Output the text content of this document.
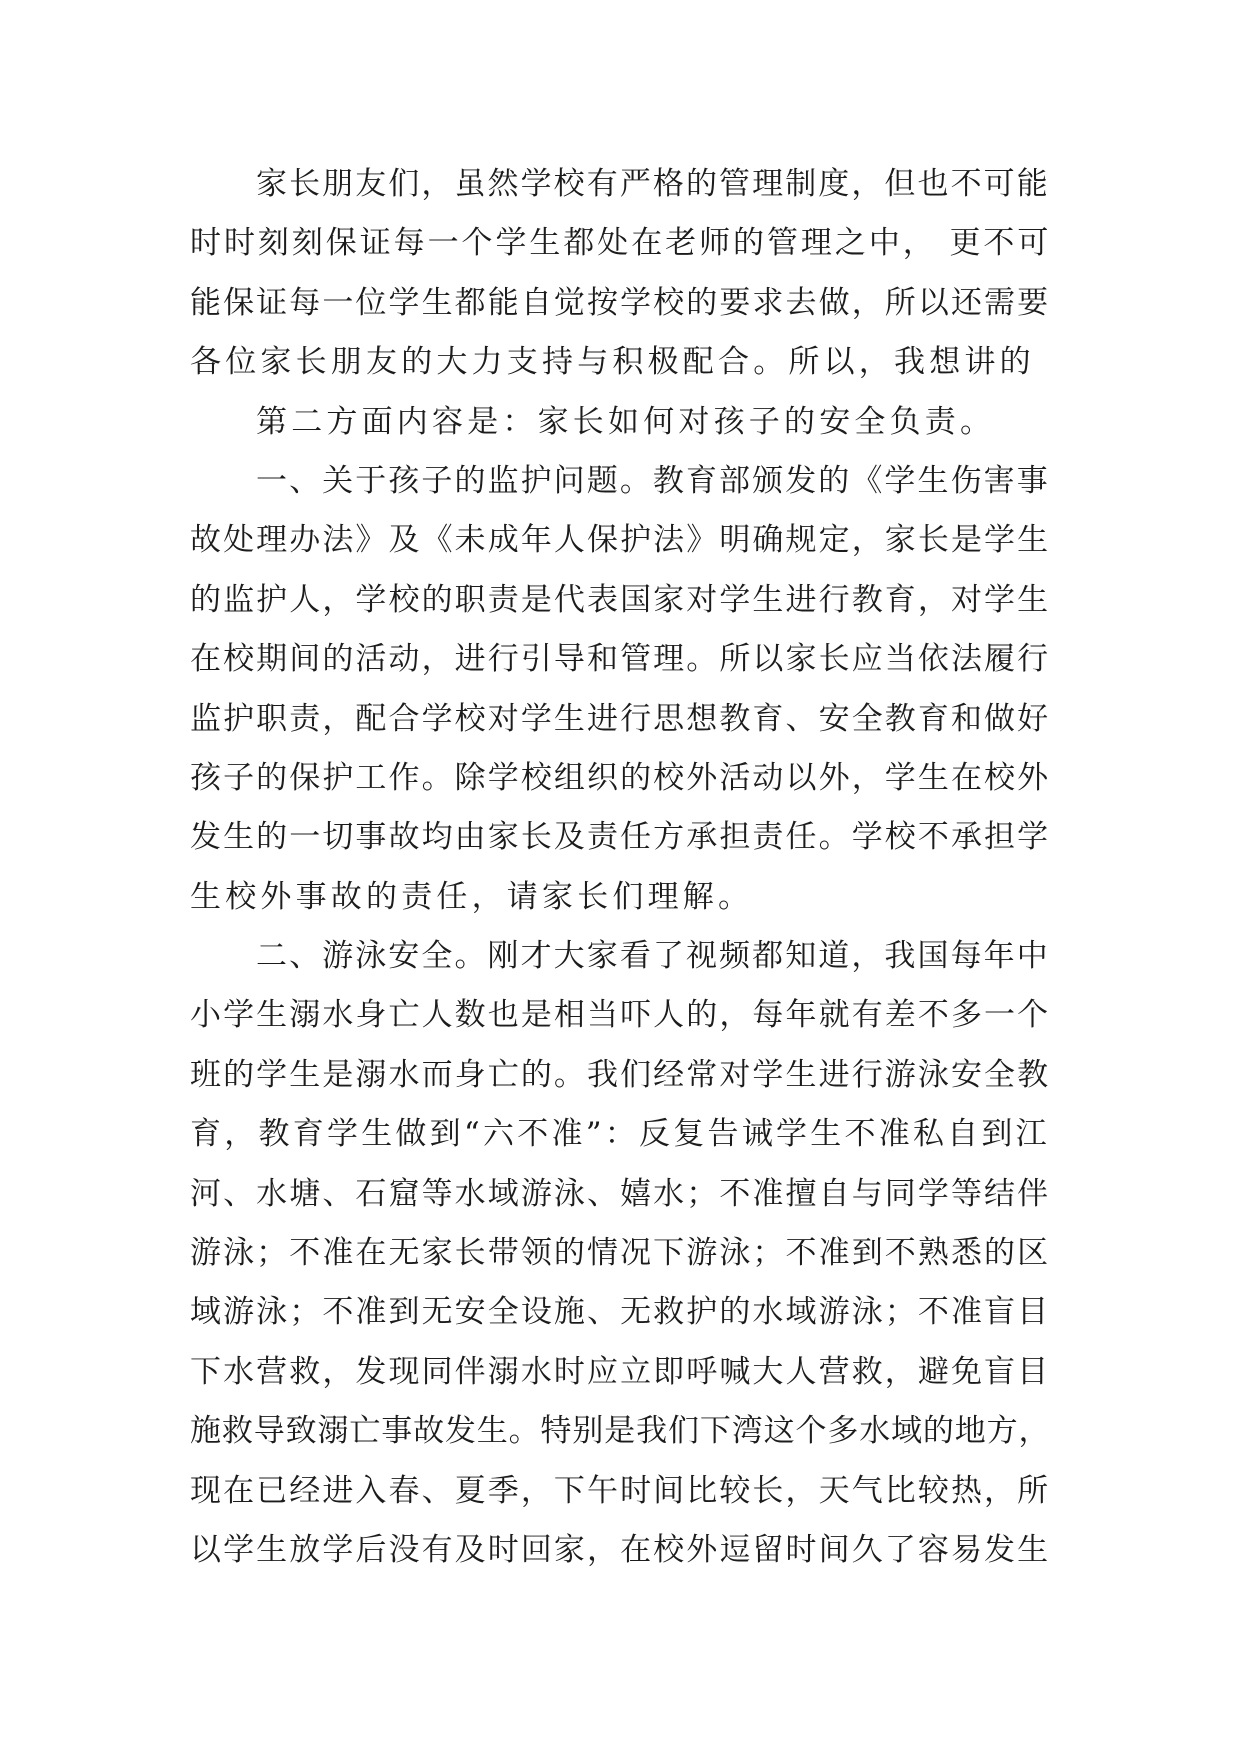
家长朋友们，虽然学校有严格的管理制度，但也不可能
时时刻刻保证每一个学生都处在老师的管理之中， 更不可
能保证每一位学生都能自觉按学校的要求去做，所以还需要
各位家长朋友的大力支持与积极配合。所以，我想讲的
第二方面内容是：家长如何对孩子的安全负责。
一、关于孩子的监护问题。教育部颁发的《学生伤害事
故处理办法》及《未成年人保护法》明确规定，家长是学生
的监护人，学校的职责是代表国家对学生进行教育，对学生
在校期间的活动，进行引导和管理。所以家长应当依法履行
监护职责，配合学校对学生进行思想教育、安全教育和做好
孩子的保护工作。除学校组织的校外活动以外，学生在校外
发生的一切事故均由家长及责任方承担责任。学校不承担学
生校外事故的责任，请家长们理解。
二、游泳安全。刚才大家看了视频都知道，我国每年中
小学生溺水身亡人数也是相当吓人的，每年就有差不多一个
班的学生是溺水而身亡的。我们经常对学生进行游泳安全教
育，教育学生做到“六不准”：反复告诫学生不准私自到江
河、水塘、石窟等水域游泳、嬉水；不准擅自与同学等结伴
游泳；不准在无家长带领的情况下游泳；不准到不熟悉的区
域游泳；不准到无安全设施、无救护的水域游泳；不准盲目
下水营救，发现同伴溺水时应立即呼喊大人营救，避免盲目
施救导致溺亡事故发生。特别是我们下湾这个多水域的地方，
现在已经进入春、夏季，下午时间比较长，天气比较热，所
以学生放学后没有及时回家，在校外逗留时间久了容易发生
